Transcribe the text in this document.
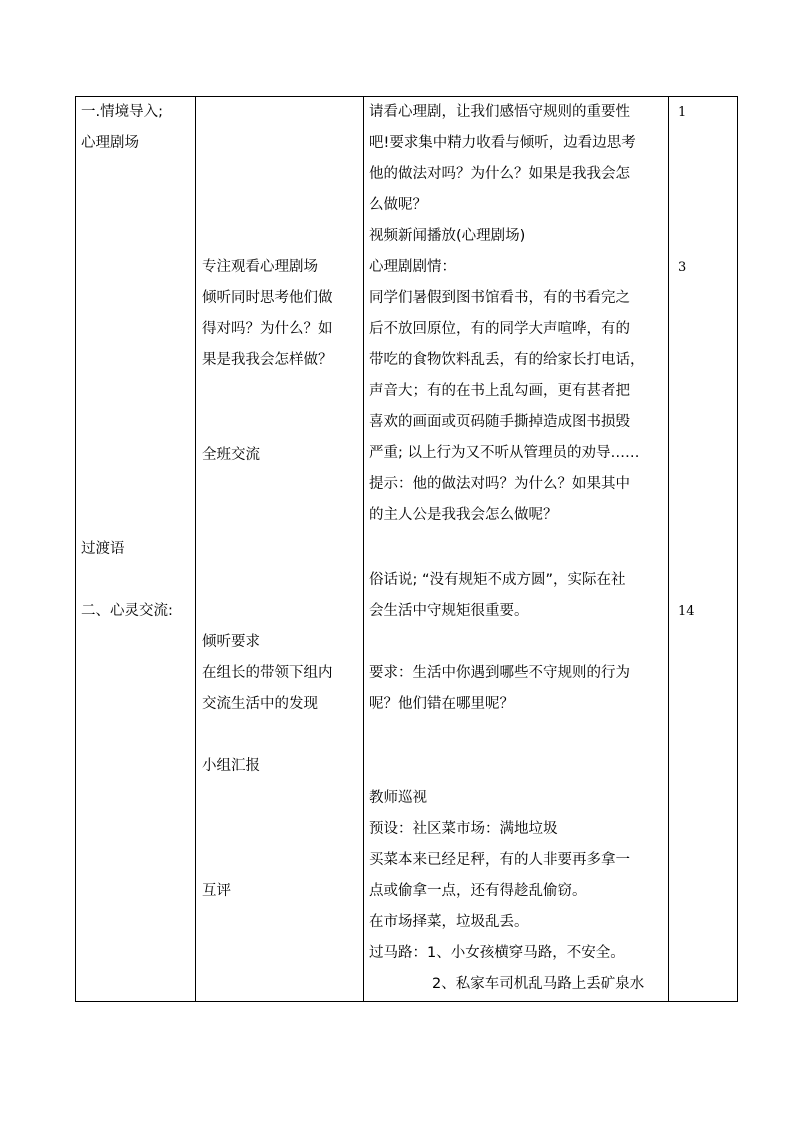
一.情境导入;
心理剧场
过渡语
二、心灵交流:
专注观看心理剧场
倾听同时思考他们做
得对吗？为什么？如
果是我我会怎样做？
全班交流
倾听要求
在组长的带领下组内
交流生活中的发现
小组汇报
互评
请看心理剧，让我们感悟守规则的重要性
吧!要求集中精力收看与倾听，边看边思考
他的做法对吗？为什么？如果是我我会怎
么做呢？
视频新闻播放(心理剧场)
心理剧剧情：
同学们暑假到图书馆看书，有的书看完之
后不放回原位，有的同学大声喧哗，有的
带吃的食物饮料乱丢，有的给家长打电话，
声音大；有的在书上乱勾画，更有甚者把
喜欢的画面或页码随手撕掉造成图书损毁
严重; 以上行为又不听从管理员的劝导……
提示：他的做法对吗？为什么？如果其中
的主人公是我我会怎么做呢？
俗话说; “没有规矩不成方圆”，实际在社
会生活中守规矩很重要。
要求：生活中你遇到哪些不守规则的行为
呢？他们错在哪里呢？
教师巡视
预设：社区菜市场：满地垃圾
买菜本来已经足秤，有的人非要再多拿一
点或偷拿一点，还有得趁乱偷窃。
在市场择菜，垃圾乱丢。
过马路：1、小女孩横穿马路，不安全。
2、私家车司机乱马路上丢矿泉水
1
3
14
